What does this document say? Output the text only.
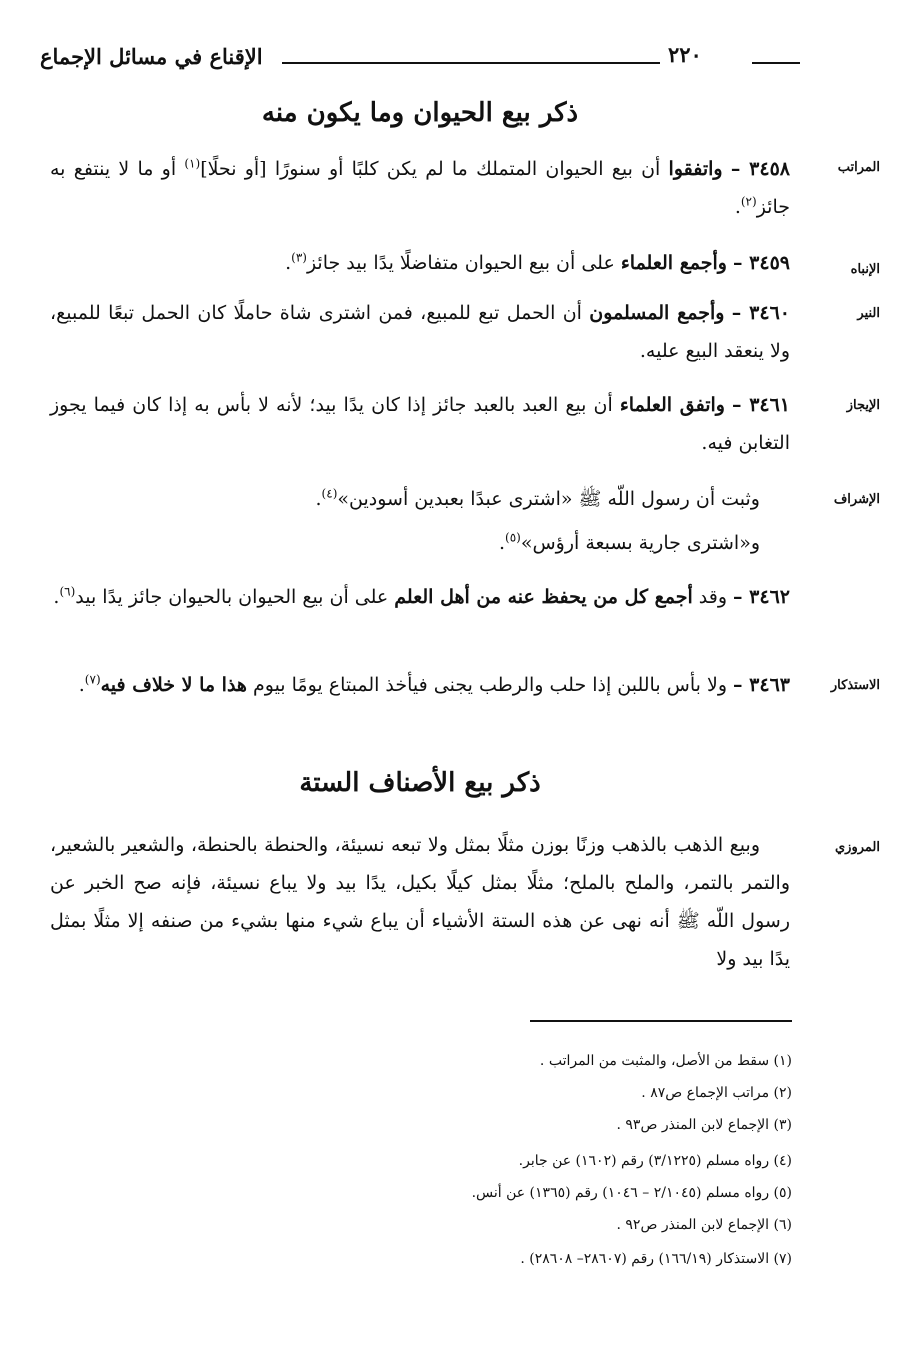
الإقناع في مسائل الإجماع	٢٢٠
ذكر بيع الحيوان وما يكون منه
المراتب
٣٤٥٨ – واتفقوا أن بيع الحيوان المتملك ما لم يكن كلبًا أو سنورًا [أو نحلًا]$^{(١)}$ أو ما لا ينتفع به جائز$^{(٢)}$.
الإنباه
٣٤٥٩ – وأجمع العلماء على أن بيع الحيوان متفاضلًا يدًا بيد جائز$^{(٣)}$.
النير
٣٤٦٠ – وأجمع المسلمون أن الحمل تبع للمبيع، فمن اشترى شاة حاملًا كان الحمل تبعًا للمبيع، ولا ينعقد البيع عليه.
الإيجاز
٣٤٦١ – واتفق العلماء أن بيع العبد بالعبد جائز إذا كان يدًا بيد؛ لأنه لا بأس به إذا كان فيما يجوز التغابن فيه.
الإشراف
وثبت أن رسول اللّه ﷺ «اشترى عبدًا بعبدين أسودين»$^{(٤)}$.
و«اشترى جارية بسبعة أرؤس»$^{(٥)}$.
٣٤٦٢ – وقد أجمع كل من يحفظ عنه من أهل العلم على أن بيع الحيوان بالحيوان جائز يدًا بيد$^{(٦)}$.
الاستذكار
٣٤٦٣ – ولا بأس باللبن إذا حلب والرطب يجنى فيأخذ المبتاع يومًا بيوم هذا ما لا خلاف فيه$^{(٧)}$.
ذكر بيع الأصناف الستة
المروزي
وبيع الذهب بالذهب وزنًا بوزن مثلًا بمثل ولا تبعه نسيئة، والحنطة بالحنطة، والشعير بالشعير، والتمر بالتمر، والملح بالملح؛ مثلًا بمثل كيلًا بكيل، يدًا بيد ولا يباع نسيئة، فإنه صح الخبر عن رسول اللّه ﷺ أنه نهى عن هذه الستة الأشياء أن يباع شيء منها بشيء من صنفه إلا مثلًا بمثل يدًا بيد ولا
(١) سقط من الأصل، والمثبت من المراتب .
(٢) مراتب الإجماع ص٨٧ .
(٣) الإجماع لابن المنذر ص٩٣ .
(٤) رواه مسلم (٣/١٢٢٥) رقم (١٦٠٢) عن جابر.
(٥) رواه مسلم (٢/١٠٤٥ – ١٠٤٦) رقم (١٣٦٥) عن أنس.
(٦) الإجماع لابن المنذر ص٩٢ .
(٧) الاستذكار (١٦٦/١٩) رقم (٢٨٦٠٧– ٢٨٦٠٨) .
